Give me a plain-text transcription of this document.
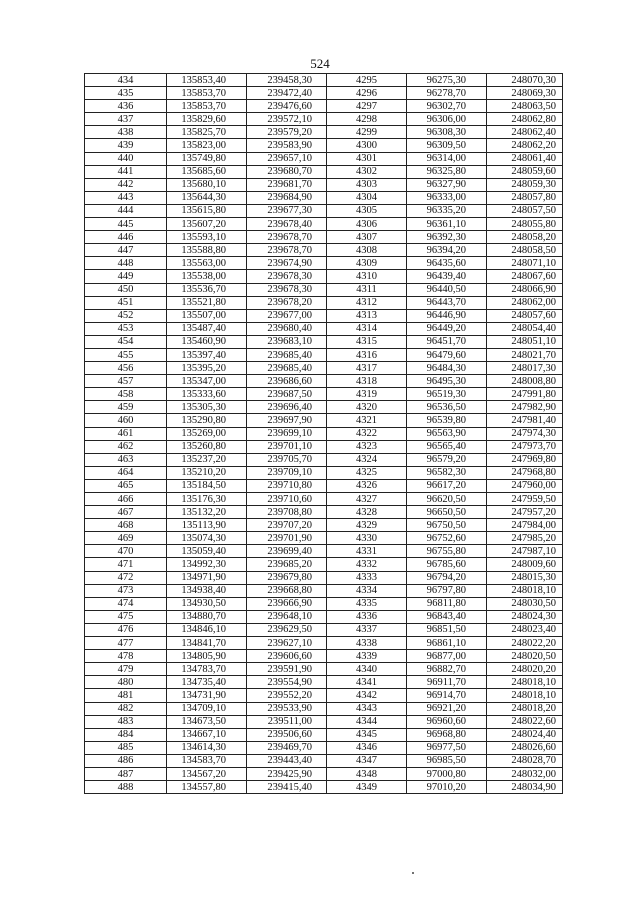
524
434	135853,40	239458,30	4295	96275,30	248070,30
435	135853,70	239472,40	4296	96278,70	248069,30
436	135853,70	239476,60	4297	96302,70	248063,50
437	135829,60	239572,10	4298	96306,00	248062,80
438	135825,70	239579,20	4299	96308,30	248062,40
439	135823,00	239583,90	4300	96309,50	248062,20
440	135749,80	239657,10	4301	96314,00	248061,40
441	135685,60	239680,70	4302	96325,80	248059,60
442	135680,10	239681,70	4303	96327,90	248059,30
443	135644,30	239684,90	4304	96333,00	248057,80
444	135615,80	239677,30	4305	96335,20	248057,50
445	135607,20	239678,40	4306	96361,10	248055,80
446	135593,10	239678,70	4307	96392,30	248058,20
447	135588,80	239678,70	4308	96394,20	248058,50
448	135563,00	239674,90	4309	96435,60	248071,10
449	135538,00	239678,30	4310	96439,40	248067,60
450	135536,70	239678,30	4311	96440,50	248066,90
451	135521,80	239678,20	4312	96443,70	248062,00
452	135507,00	239677,00	4313	96446,90	248057,60
453	135487,40	239680,40	4314	96449,20	248054,40
454	135460,90	239683,10	4315	96451,70	248051,10
455	135397,40	239685,40	4316	96479,60	248021,70
456	135395,20	239685,40	4317	96484,30	248017,30
457	135347,00	239686,60	4318	96495,30	248008,80
458	135333,60	239687,50	4319	96519,30	247991,80
459	135305,30	239696,40	4320	96536,50	247982,90
460	135290,80	239697,90	4321	96539,80	247981,40
461	135269,00	239699,10	4322	96563,90	247974,30
462	135260,80	239701,10	4323	96565,40	247973,70
463	135237,20	239705,70	4324	96579,20	247969,80
464	135210,20	239709,10	4325	96582,30	247968,80
465	135184,50	239710,80	4326	96617,20	247960,00
466	135176,30	239710,60	4327	96620,50	247959,50
467	135132,20	239708,80	4328	96650,50	247957,20
468	135113,90	239707,20	4329	96750,50	247984,00
469	135074,30	239701,90	4330	96752,60	247985,20
470	135059,40	239699,40	4331	96755,80	247987,10
471	134992,30	239685,20	4332	96785,60	248009,60
472	134971,90	239679,80	4333	96794,20	248015,30
473	134938,40	239668,80	4334	96797,80	248018,10
474	134930,50	239666,90	4335	96811,80	248030,50
475	134880,70	239648,10	4336	96843,40	248024,30
476	134846,10	239629,50	4337	96851,50	248023,40
477	134841,70	239627,10	4338	96861,10	248022,20
478	134805,90	239606,60	4339	96877,00	248020,50
479	134783,70	239591,90	4340	96882,70	248020,20
480	134735,40	239554,90	4341	96911,70	248018,10
481	134731,90	239552,20	4342	96914,70	248018,10
482	134709,10	239533,90	4343	96921,20	248018,20
483	134673,50	239511,00	4344	96960,60	248022,60
484	134667,10	239506,60	4345	96968,80	248024,40
485	134614,30	239469,70	4346	96977,50	248026,60
486	134583,70	239443,40	4347	96985,50	248028,70
487	134567,20	239425,90	4348	97000,80	248032,00
488	134557,80	239415,40	4349	97010,20	248034,90
